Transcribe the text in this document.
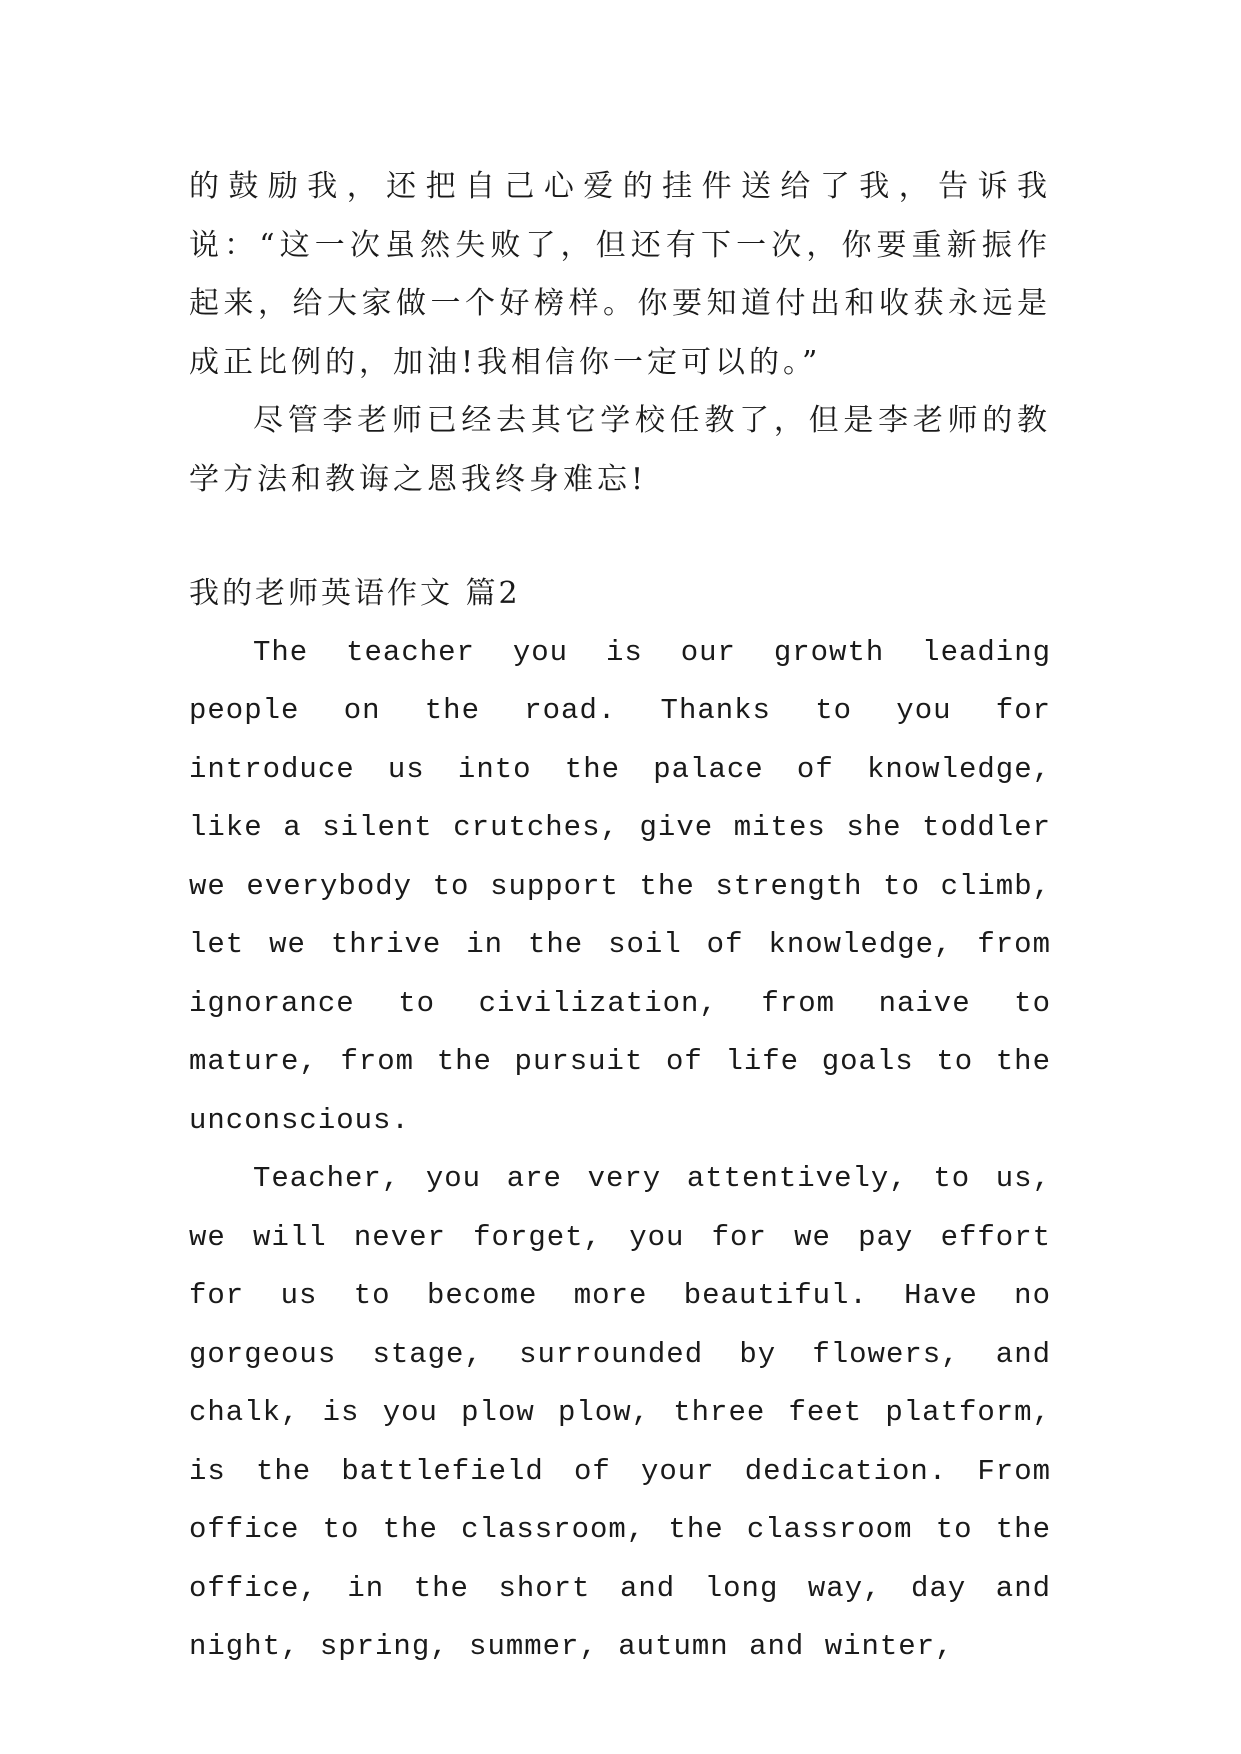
的鼓励我，还把自己心爱的挂件送给了我，告诉我说：“这一次虽然失败了，但还有下一次，你要重新振作起来，给大家做一个好榜样。你要知道付出和收获永远是成正比例的，加油!我相信你一定可以的。”

尽管李老师已经去其它学校任教了，但是李老师的教学方法和教诲之恩我终身难忘!

我的老师英语作文 篇2

The teacher you is our growth leading people on the road. Thanks to you for introduce us into the palace of knowledge, like a silent crutches, give mites she toddler we everybody to support the strength to climb, let we thrive in the soil of knowledge, from ignorance to civilization, from naive to mature, from the pursuit of life goals to the unconscious.

Teacher, you are very attentively, to us, we will never forget, you for we pay effort for us to become more beautiful. Have no gorgeous stage, surrounded by flowers, and chalk, is you plow plow, three feet platform, is the battlefield of your dedication. From office to the classroom, the classroom to the office, in the short and long way, day and night, spring, summer, autumn and winter,
